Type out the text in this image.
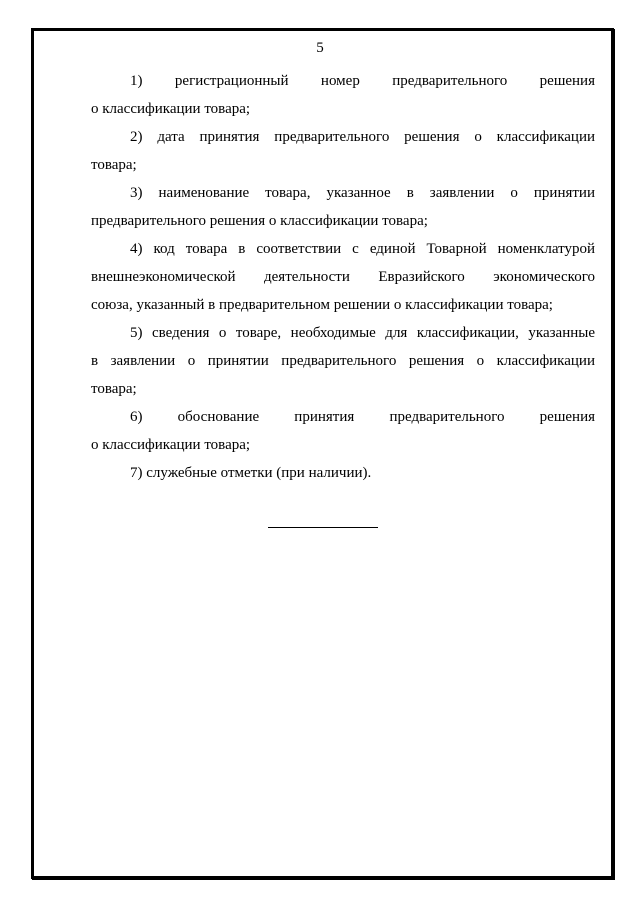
5

1) регистрационный номер предварительного решения
о классификации товара;

2) дата принятия предварительного решения о классификации
товара;

3) наименование товара, указанное в заявлении о принятии
предварительного решения о классификации товара;

4) код товара в соответствии с единой Товарной номенклатурой
внешнеэкономической деятельности Евразийского экономического
союза, указанный в предварительном решении о классификации товара;

5) сведения о товаре, необходимые для классификации, указанные
в заявлении о принятии предварительного решения о классификации
товара;

6) обоснование принятия предварительного решения
о классификации товара;

7) служебные отметки (при наличии).
